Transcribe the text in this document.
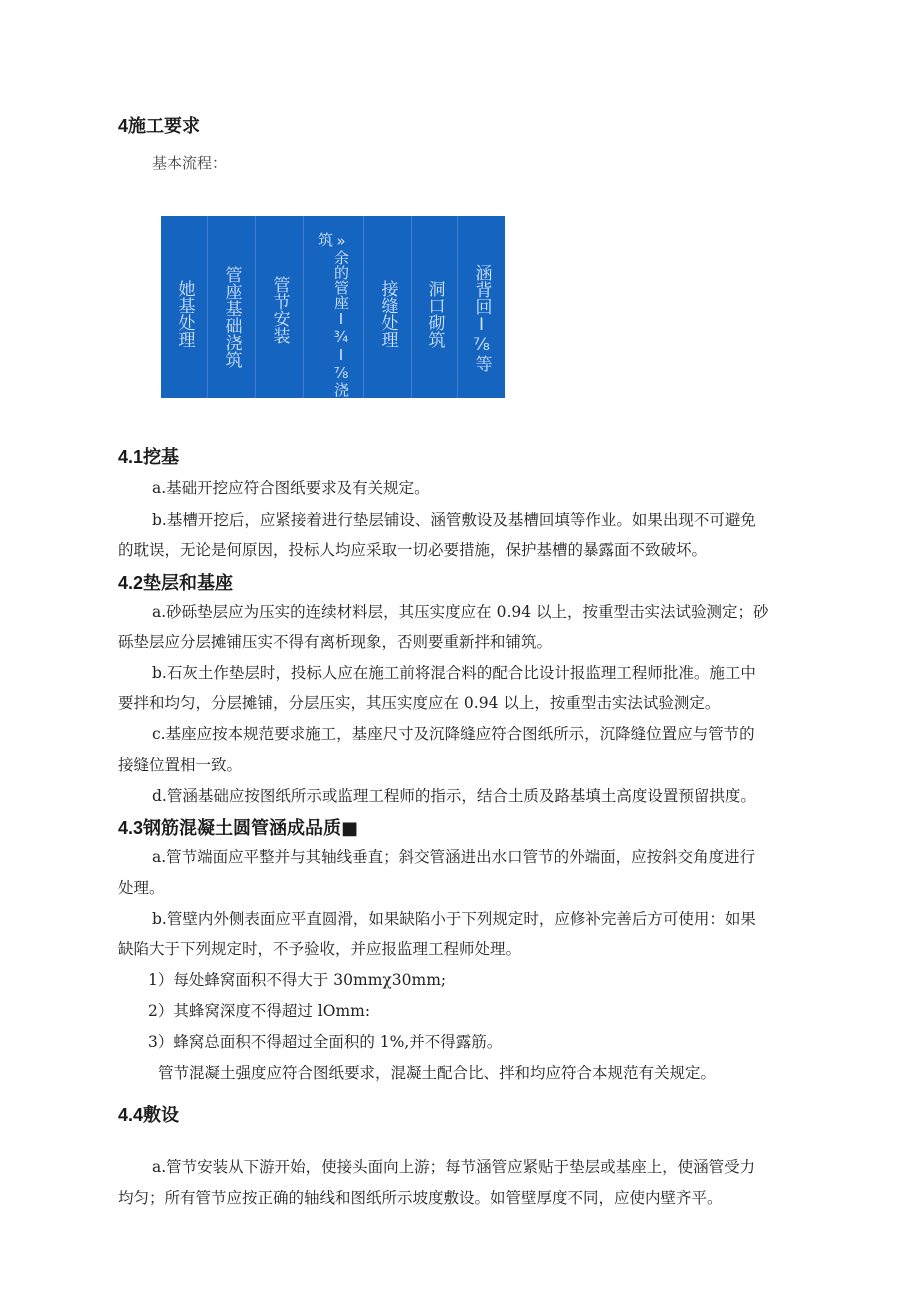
4施工要求
基本流程：
她基处理 管座基础浇筑 管节安装	»余的管座Ⅰ¾Ⅰ⅞浇筑
接缝处理 洞口砌筑 涵背回Ⅰ⅞等
4.1挖基
a.基础开挖应符合图纸要求及有关规定。
b.基槽开挖后，应紧接着进行垫层铺设、涵管敷设及基槽回填等作业。如果出现不可避免
的耽误，无论是何原因，投标人均应采取一切必要措施，保护基槽的暴露面不致破坏。
4.2垫层和基座
a.砂砾垫层应为压实的连续材料层，其压实度应在 0.94 以上，按重型击实法试验测定；砂
砾垫层应分层摊铺压实不得有离析现象，否则要重新拌和铺筑。
b.石灰土作垫层时，投标人应在施工前将混合料的配合比设计报监理工程师批准。施工中
要拌和均匀，分层摊铺，分层压实，其压实度应在 0.94 以上，按重型击实法试验测定。
c.基座应按本规范要求施工，基座尺寸及沉降缝应符合图纸所示，沉降缝位置应与管节的
接缝位置相一致。
d.管涵基础应按图纸所示或监理工程师的指示，结合土质及路基填土高度设置预留拱度。
4.3钢筋混凝土圆管涵成品质■
a.管节端面应平整并与其轴线垂直；斜交管涵进出水口管节的外端面，应按斜交角度进行
处理。
b.管壁内外侧表面应平直圆滑，如果缺陷小于下列规定时，应修补完善后方可使用：如果
缺陷大于下列规定时，不予验收，并应报监理工程师处理。
1）每处蜂窝面积不得大于 30mmχ30mm;
2）其蜂窝深度不得超过 lOmm:
3）蜂窝总面积不得超过全面积的 1%,并不得露筋。
管节混凝土强度应符合图纸要求，混凝土配合比、拌和均应符合本规范有关规定。
4.4敷设
a.管节安装从下游开始，使接头面向上游；每节涵管应紧贴于垫层或基座上，使涵管受力
均匀；所有管节应按正确的轴线和图纸所示坡度敷设。如管壁厚度不同，应使内壁齐平。
